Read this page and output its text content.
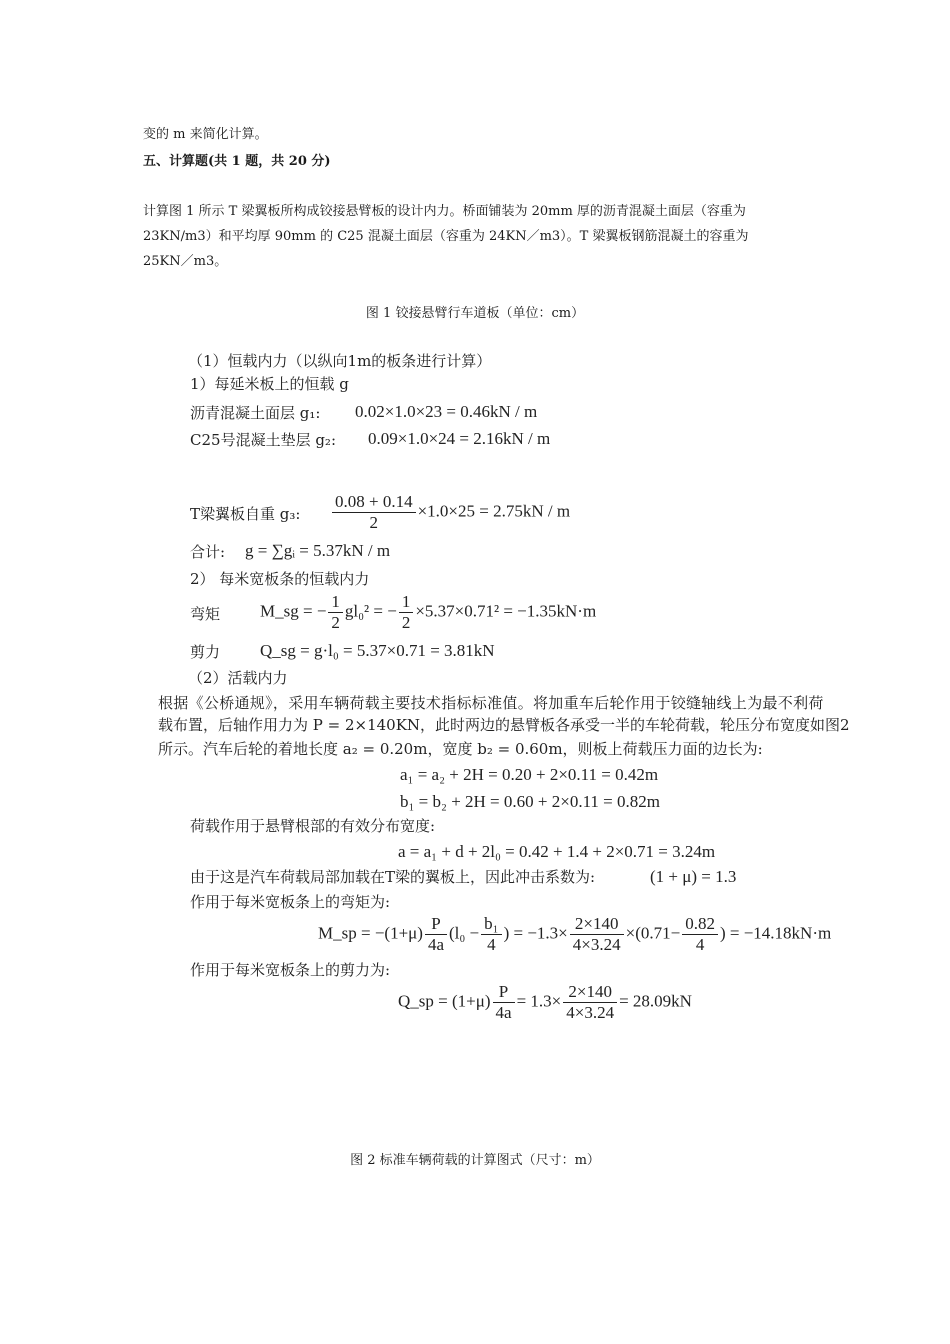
变的 m 来简化计算。
五、计算题(共 1 题，共 20 分)
计算图 1 所示 T 梁翼板所构成铰接悬臂板的设计内力。桥面铺装为 20mm 厚的沥青混凝土面层（容重为
23KN/m3）和平均厚 90mm 的 C25 混凝土面层（容重为 24KN／m3）。T 梁翼板钢筋混凝土的容重为
25KN／m3。
图 1 铰接悬臂行车道板（单位：cm）
（1）恒载内力（以纵向1m的板条进行计算）
1）每延米板上的恒载 g
沥青混凝土面层 g₁: 0.02×1.0×23 = 0.46kN / m
C25号混凝土垫层 g₂: 0.09×1.0×24 = 2.16kN / m
T梁翼板自重 g₃: $\frac{0.08 + 0.14}{2} \times 1.0\times 25 = 2.75kN / m$
合计: g = ∑gᵢ = 5.37kN / m
2） 每米宽板条的恒载内力
弯矩 M_sg = − $\frac{1}{2} gl_0^2$ = − $\frac{1}{2} \times 5.37\times 0.71^2 = -1.35kN\cdot m$
剪力 Q_sg = g·l₀ = 5.37×0.71 = 3.81kN
（2）活载内力
根据《公桥通规》，采用车辆荷载主要技术指标标准值。将加重车后轮作用于铰缝轴线上为最不利荷
载布置，后轴作用力为 P = 2×140KN，此时两边的悬臂板各承受一半的车轮荷载，轮压分布宽度如图2
所示。汽车后轮的着地长度 a₂ = 0.20m，宽度 b₂ = 0.60m，则板上荷载压力面的边长为:
a₁ = a₂ + 2H = 0.20 + 2×0.11 = 0.42m
b₁ = b₂ + 2H = 0.60 + 2×0.11 = 0.82m
荷载作用于悬臂根部的有效分布宽度:
a = a₁ + d + 2l₀ = 0.42 + 1.4 + 2×0.71 = 3.24m
由于这是汽车荷载局部加载在T梁的翼板上，因此冲击系数为:	(1 + μ) = 1.3
作用于每米宽板条上的弯矩为:
M_sp = $-(1+\mu) \frac{P}{4a} (l_0 - \frac{\text{b₁}}{4}$ ) = $-1.3\times \frac{2\times 140}{4\times 3.24} \times(0.71- \frac{0.82}{4}$ ) = −14.18kN·m
作用于每米宽板条上的剪力为:
Q_sp = $(1+\mu) \frac{P}{4a} = 1.3\times \frac{2\times 140}{4\times 3.24} = 28.09kN$
图 2 标准车辆荷载的计算图式（尺寸：m）
